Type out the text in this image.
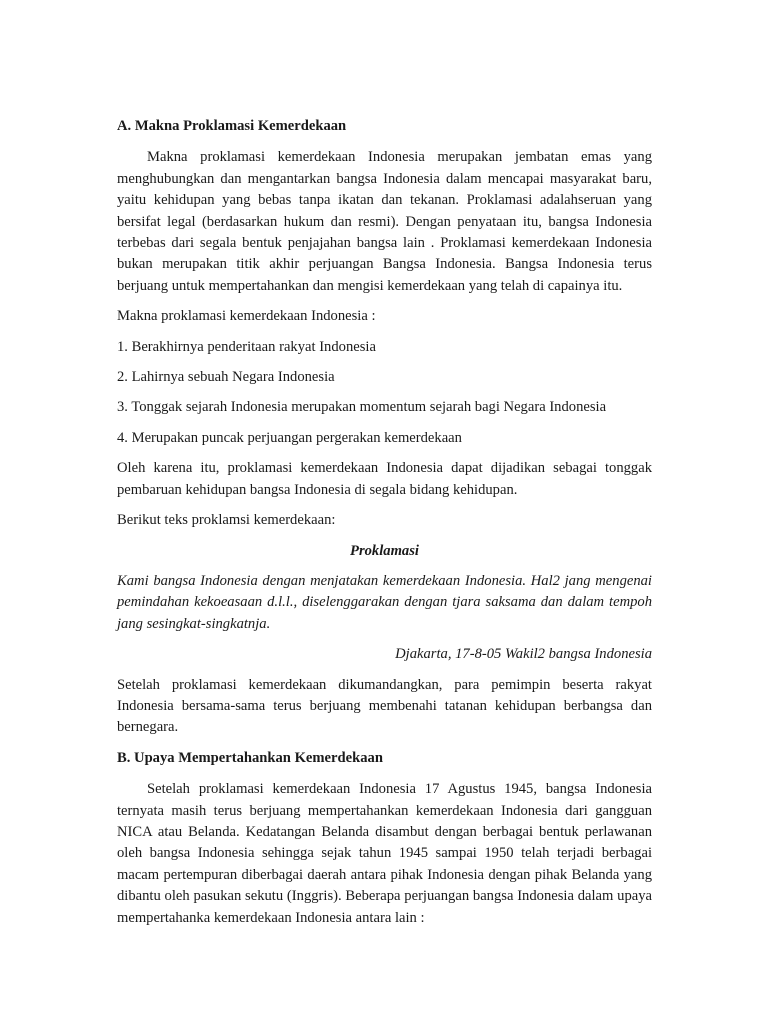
A. Makna Proklamasi Kemerdekaan

Makna proklamasi kemerdekaan Indonesia merupakan jembatan emas yang menghubungkan dan mengantarkan bangsa Indonesia dalam mencapai masyarakat baru, yaitu kehidupan yang bebas tanpa ikatan dan tekanan. Proklamasi adalahseruan yang bersifat legal (berdasarkan hukum dan resmi). Dengan penyataan itu, bangsa Indonesia terbebas dari segala bentuk penjajahan bangsa lain . Proklamasi kemerdekaan Indonesia bukan merupakan titik akhir perjuangan Bangsa Indonesia. Bangsa Indonesia terus berjuang untuk mempertahankan dan mengisi kemerdekaan yang telah di capainya itu.

Makna proklamasi kemerdekaan Indonesia :

1. Berakhirnya penderitaan rakyat Indonesia

2. Lahirnya sebuah Negara Indonesia

3. Tonggak sejarah Indonesia merupakan momentum sejarah bagi Negara Indonesia

4. Merupakan puncak perjuangan pergerakan kemerdekaan

Oleh karena itu, proklamasi kemerdekaan Indonesia dapat dijadikan sebagai tonggak pembaruan kehidupan bangsa Indonesia di segala bidang kehidupan.

Berikut teks proklamsi kemerdekaan:

Proklamasi

Kami bangsa Indonesia dengan menjatakan kemerdekaan Indonesia. Hal2 jang mengenai pemindahan kekoeasaan d.l.l., diselenggarakan dengan tjara saksama dan dalam tempoh jang sesingkat-singkatnja.

Djakarta, 17-8-05 Wakil2 bangsa Indonesia

Setelah proklamasi kemerdekaan dikumandangkan, para pemimpin beserta rakyat Indonesia bersama-sama terus berjuang membenahi tatanan kehidupan berbangsa dan bernegara.

B. Upaya Mempertahankan Kemerdekaan

Setelah proklamasi kemerdekaan Indonesia 17 Agustus 1945, bangsa Indonesia ternyata masih terus berjuang mempertahankan kemerdekaan Indonesia dari gangguan NICA atau Belanda. Kedatangan Belanda disambut dengan berbagai bentuk perlawanan oleh bangsa Indonesia sehingga sejak tahun 1945 sampai 1950 telah terjadi berbagai macam pertempuran diberbagai daerah antara pihak Indonesia dengan pihak Belanda yang dibantu oleh pasukan sekutu (Inggris). Beberapa perjuangan bangsa Indonesia dalam upaya mempertahanka kemerdekaan Indonesia antara lain :
